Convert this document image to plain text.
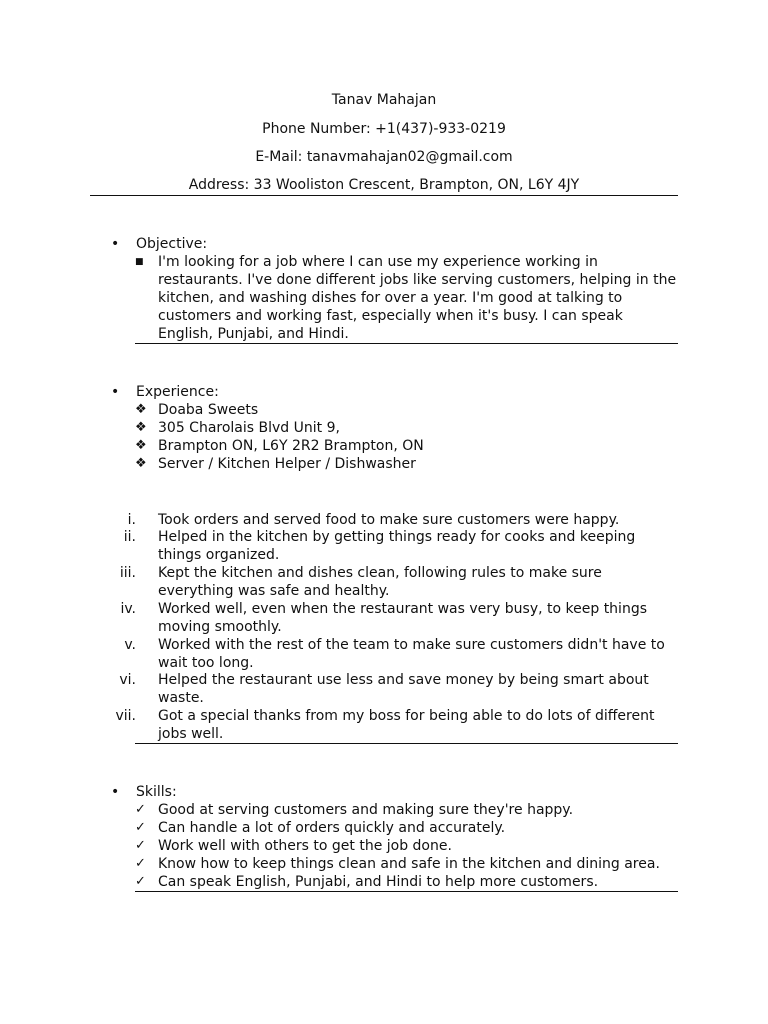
Tanav Mahajan
Phone Number: +1(437)-933-0219
E-Mail: tanavmahajan02@gmail.com
Address: 33 Wooliston Crescent, Brampton, ON, L6Y 4JY
• Objective:
■ I'm looking for a job where I can use my experience working in restaurants. I've done different jobs like serving customers, helping in the kitchen, and washing dishes for over a year. I'm good at talking to customers and working fast, especially when it's busy. I can speak English, Punjabi, and Hindi.
• Experience:
❖ Doaba Sweets
❖ 305 Charolais Blvd Unit 9,
❖ Brampton ON, L6Y 2R2 Brampton, ON
❖ Server / Kitchen Helper / Dishwasher
i. Took orders and served food to make sure customers were happy.
ii. Helped in the kitchen by getting things ready for cooks and keeping things organized.
iii. Kept the kitchen and dishes clean, following rules to make sure everything was safe and healthy.
iv. Worked well, even when the restaurant was very busy, to keep things moving smoothly.
v. Worked with the rest of the team to make sure customers didn't have to wait too long.
vi. Helped the restaurant use less and save money by being smart about waste.
vii. Got a special thanks from my boss for being able to do lots of different jobs well.
• Skills:
✓ Good at serving customers and making sure they're happy.
✓ Can handle a lot of orders quickly and accurately.
✓ Work well with others to get the job done.
✓ Know how to keep things clean and safe in the kitchen and dining area.
✓ Can speak English, Punjabi, and Hindi to help more customers.
